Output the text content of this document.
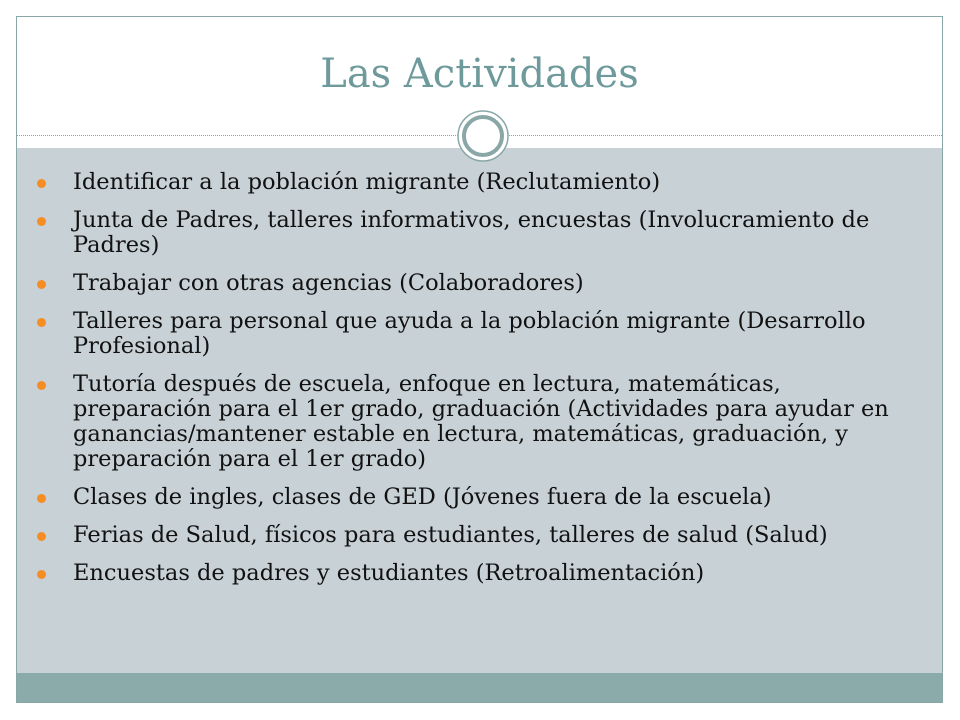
Las Actividades
Identificar a la población migrante (Reclutamiento)
Junta de Padres, talleres informativos, encuestas (Involucramiento de Padres)
Trabajar con otras agencias (Colaboradores)
Talleres para personal que ayuda a la población migrante (Desarrollo Profesional)
Tutoría después de escuela, enfoque en lectura, matemáticas, preparación para el 1er grado, graduación (Actividades para ayudar en ganancias/mantener estable en lectura, matemáticas, graduación, y preparación para el 1er grado)
Clases de ingles, clases de GED (Jóvenes fuera de la escuela)
Ferias de Salud, físicos para estudiantes, talleres de salud (Salud)
Encuestas de padres y estudiantes (Retroalimentación)
